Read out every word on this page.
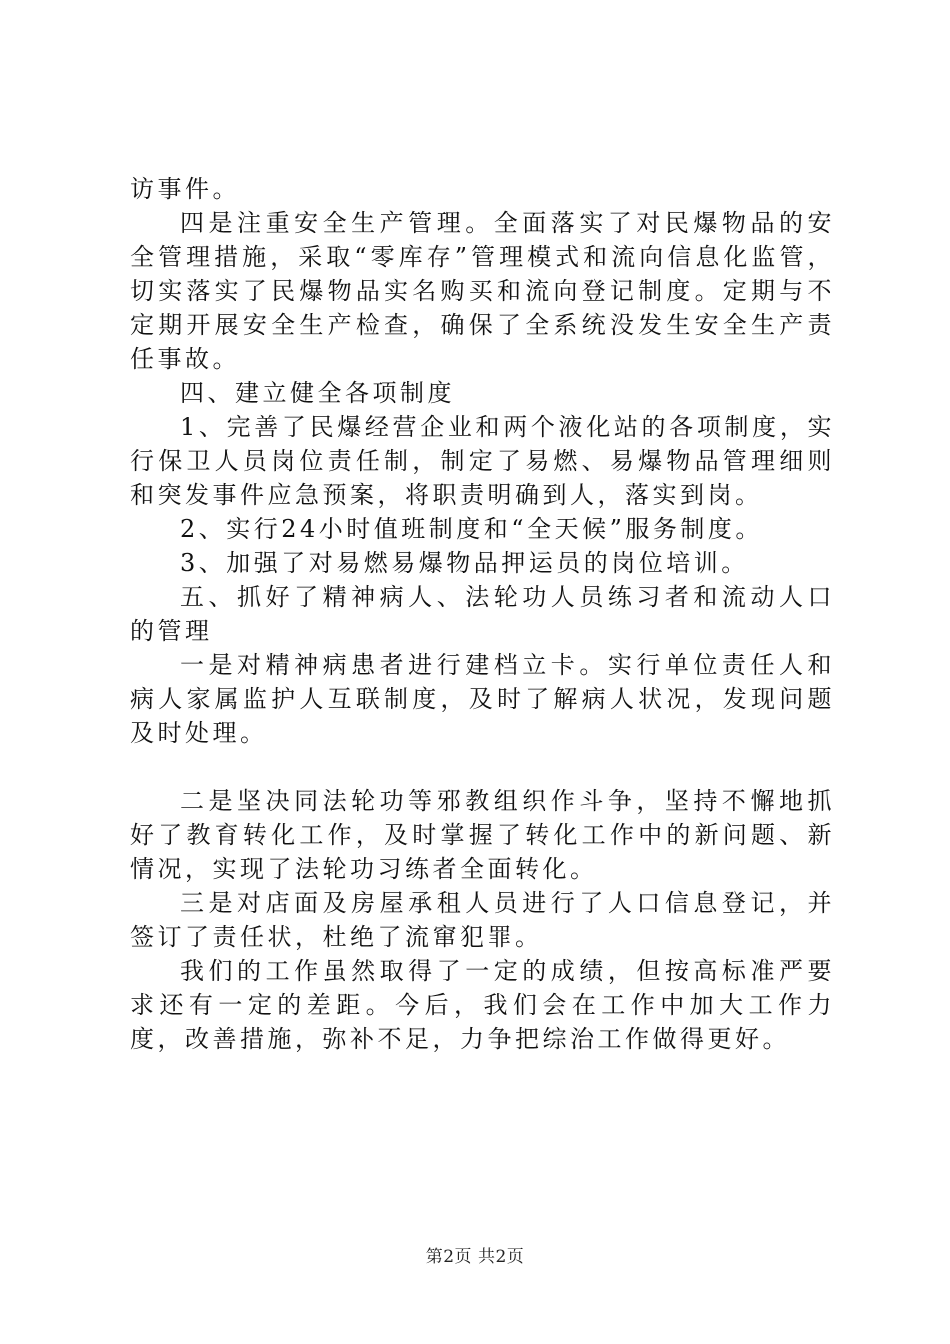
访事件。

四是注重安全生产管理。全面落实了对民爆物品的安全管理措施，采取“零库存”管理模式和流向信息化监管，切实落实了民爆物品实名购买和流向登记制度。定期与不定期开展安全生产检查，确保了全系统没发生安全生产责任事故。

四、建立健全各项制度

1、完善了民爆经营企业和两个液化站的各项制度，实行保卫人员岗位责任制，制定了易燃、易爆物品管理细则和突发事件应急预案，将职责明确到人，落实到岗。

2、实行24小时值班制度和“全天候”服务制度。

3、加强了对易燃易爆物品押运员的岗位培训。

五、抓好了精神病人、法轮功人员练习者和流动人口的管理

一是对精神病患者进行建档立卡。实行单位责任人和病人家属监护人互联制度，及时了解病人状况，发现问题及时处理。

二是坚决同法轮功等邪教组织作斗争，坚持不懈地抓好了教育转化工作，及时掌握了转化工作中的新问题、新情况，实现了法轮功习练者全面转化。

三是对店面及房屋承租人员进行了人口信息登记，并签订了责任状，杜绝了流窜犯罪。

我们的工作虽然取得了一定的成绩，但按高标准严要求还有一定的差距。今后，我们会在工作中加大工作力度，改善措施，弥补不足，力争把综治工作做得更好。

第2页 共2页
